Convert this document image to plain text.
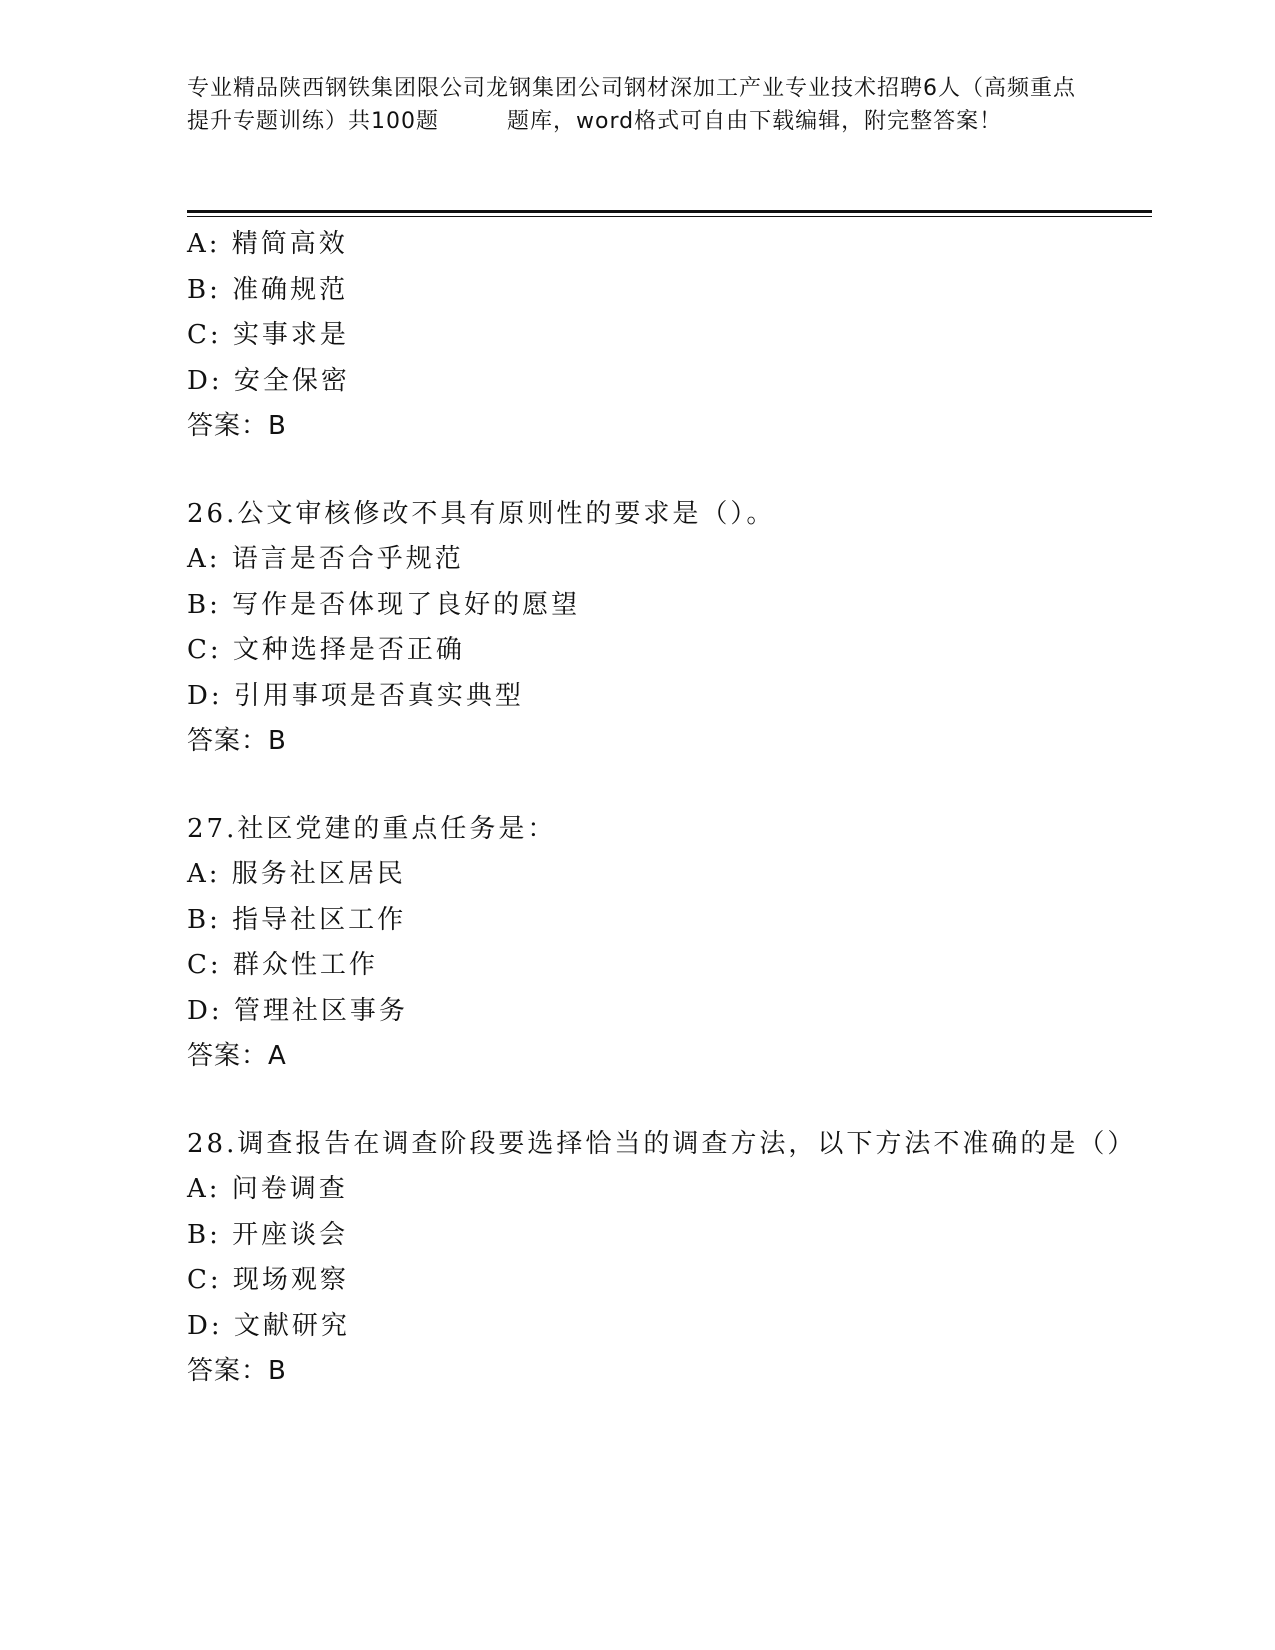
专业精品陕西钢铁集团限公司龙钢集团公司钢材深加工产业专业技术招聘6人（高频重点提升专题训练）共100题	题库，word格式可自由下载编辑，附完整答案！
A: 精简高效
B: 准确规范
C: 实事求是
D: 安全保密
答案：B
26.公文审核修改不具有原则性的要求是（）。
A: 语言是否合乎规范
B: 写作是否体现了良好的愿望
C: 文种选择是否正确
D: 引用事项是否真实典型
答案：B
27.社区党建的重点任务是：
A: 服务社区居民
B: 指导社区工作
C: 群众性工作
D: 管理社区事务
答案：A
28.调查报告在调查阶段要选择恰当的调查方法，以下方法不准确的是（）
A: 问卷调查
B: 开座谈会
C: 现场观察
D: 文献研究
答案：B
